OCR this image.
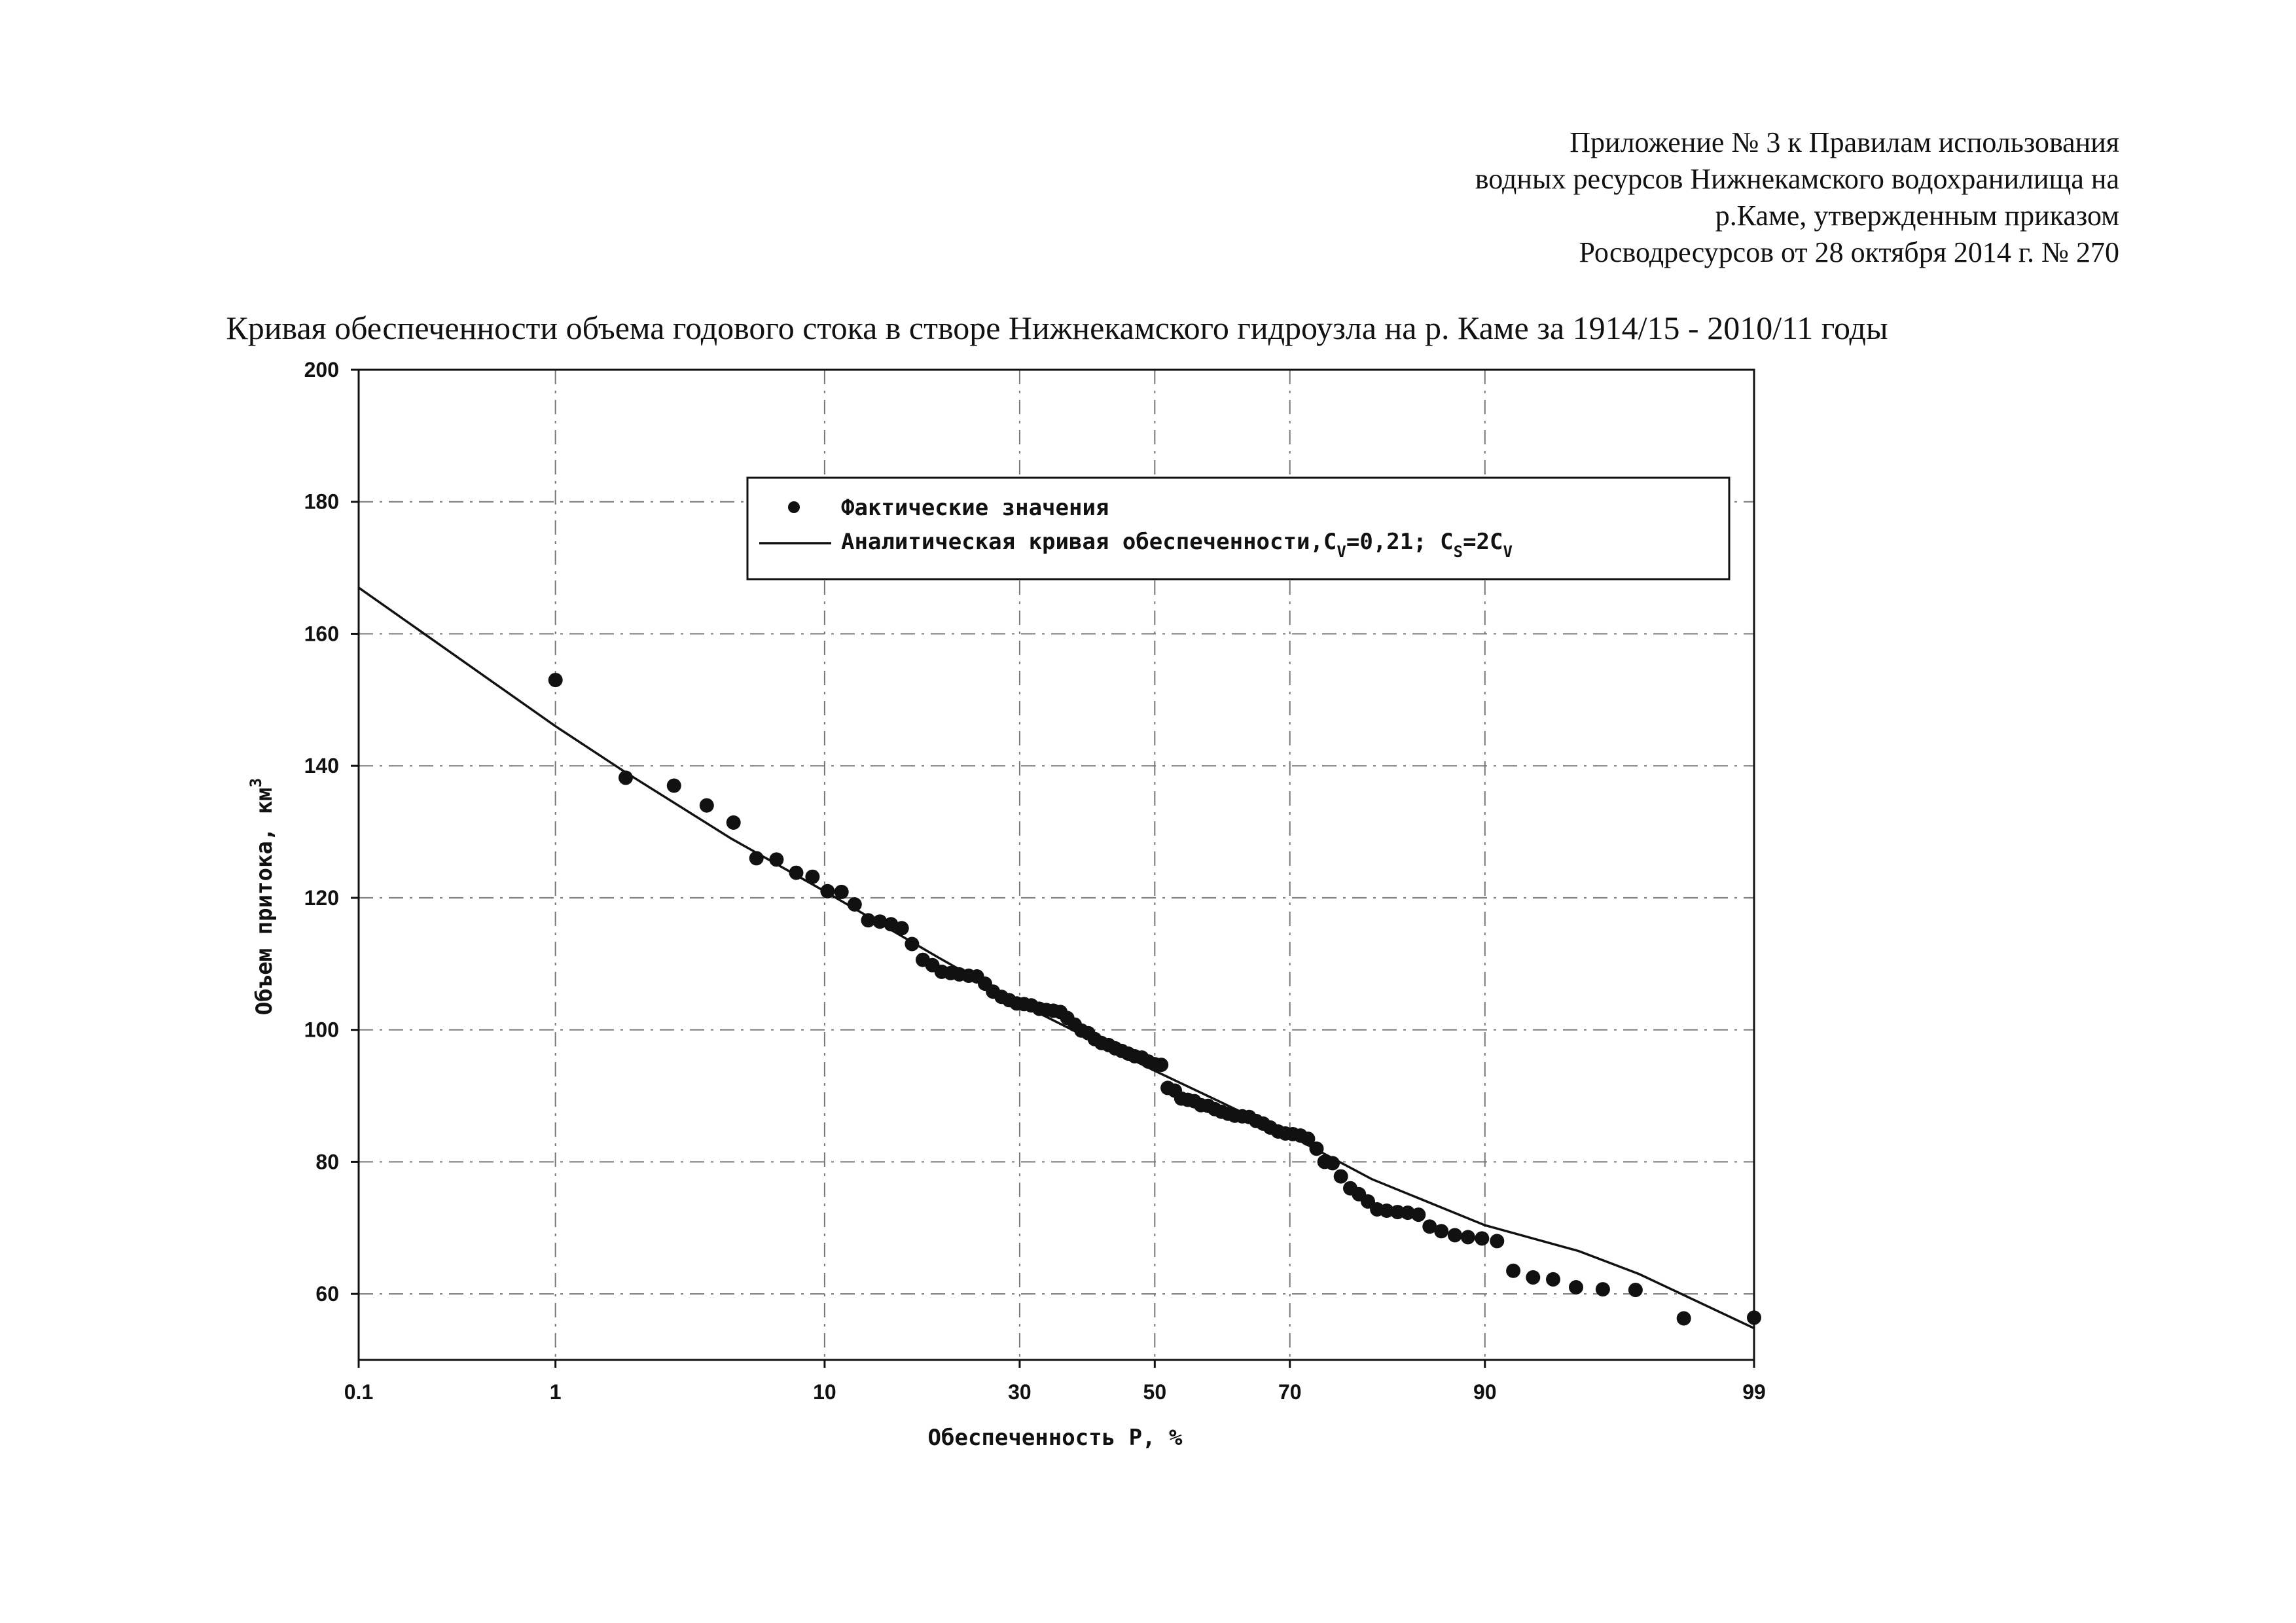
Приложение № 3 к Правилам использования
водных ресурсов Нижнекамского водохранилища на
р.Каме, утвержденным приказом
Росводресурсов от 28 октября 2014 г. № 270
Кривая обеспеченности объема годового стока в створе Нижнекамского гидроузла на р. Каме за 1914/15 - 2010/11 годы
0.1	1	10	30	50	70	90	99
60
80
100
120
140
160
180
200
Обеспеченность P, %
Объем притока, $км^3$
Фактические значения
Аналитическая кривая $обеспеченности,C_V=0,21$; $C_S=2C_V$
